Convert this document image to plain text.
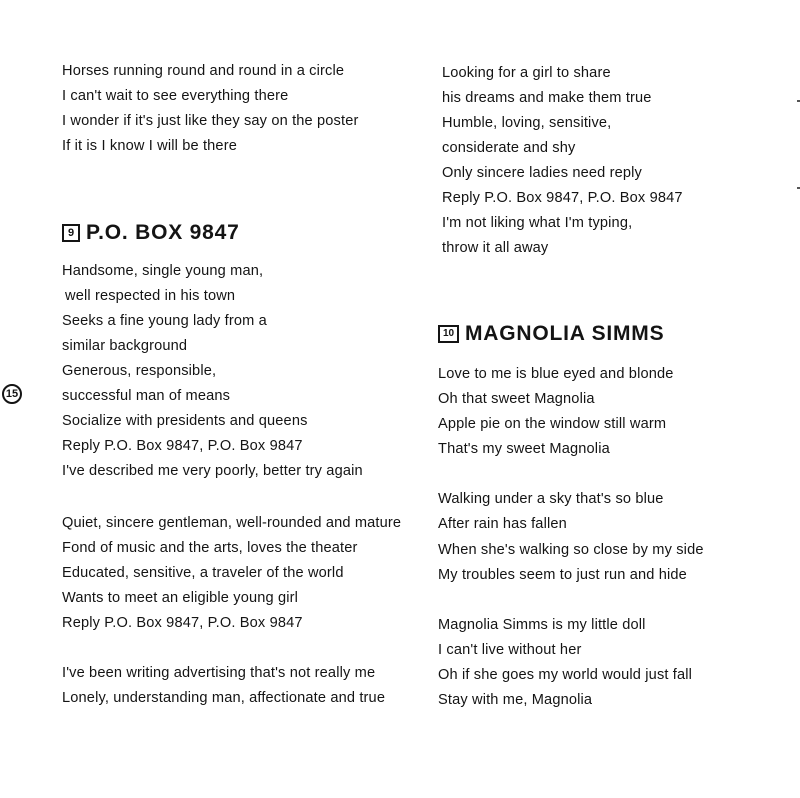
15
Horses running round and round in a circle
I can't wait to see everything there
I wonder if it's just like they say on the poster
If it is I know I will be there
9 P.O. BOX 9847
Handsome, single young man,
well respected in his town
Seeks a fine young lady from a
similar background
Generous, responsible,
successful man of means
Socialize with presidents and queens
Reply P.O. Box 9847, P.O. Box 9847
I've described me very poorly, better try again
Quiet, sincere gentleman, well-rounded and mature
Fond of music and the arts, loves the theater
Educated, sensitive, a traveler of the world
Wants to meet an eligible young girl
Reply P.O. Box 9847, P.O. Box 9847
I've been writing advertising that's not really me
Lonely, understanding man, affectionate and true
Looking for a girl to share
his dreams and make them true
Humble, loving, sensitive,
considerate and shy
Only sincere ladies need reply
Reply P.O. Box 9847, P.O. Box 9847
I'm not liking what I'm typing,
throw it all away
10 MAGNOLIA SIMMS
Love to me is blue eyed and blonde
Oh that sweet Magnolia
Apple pie on the window still warm
That's my sweet Magnolia
Walking under a sky that's so blue
After rain has fallen
When she's walking so close by my side
My troubles seem to just run and hide
Magnolia Simms is my little doll
I can't live without her
Oh if she goes my world would just fall
Stay with me, Magnolia
